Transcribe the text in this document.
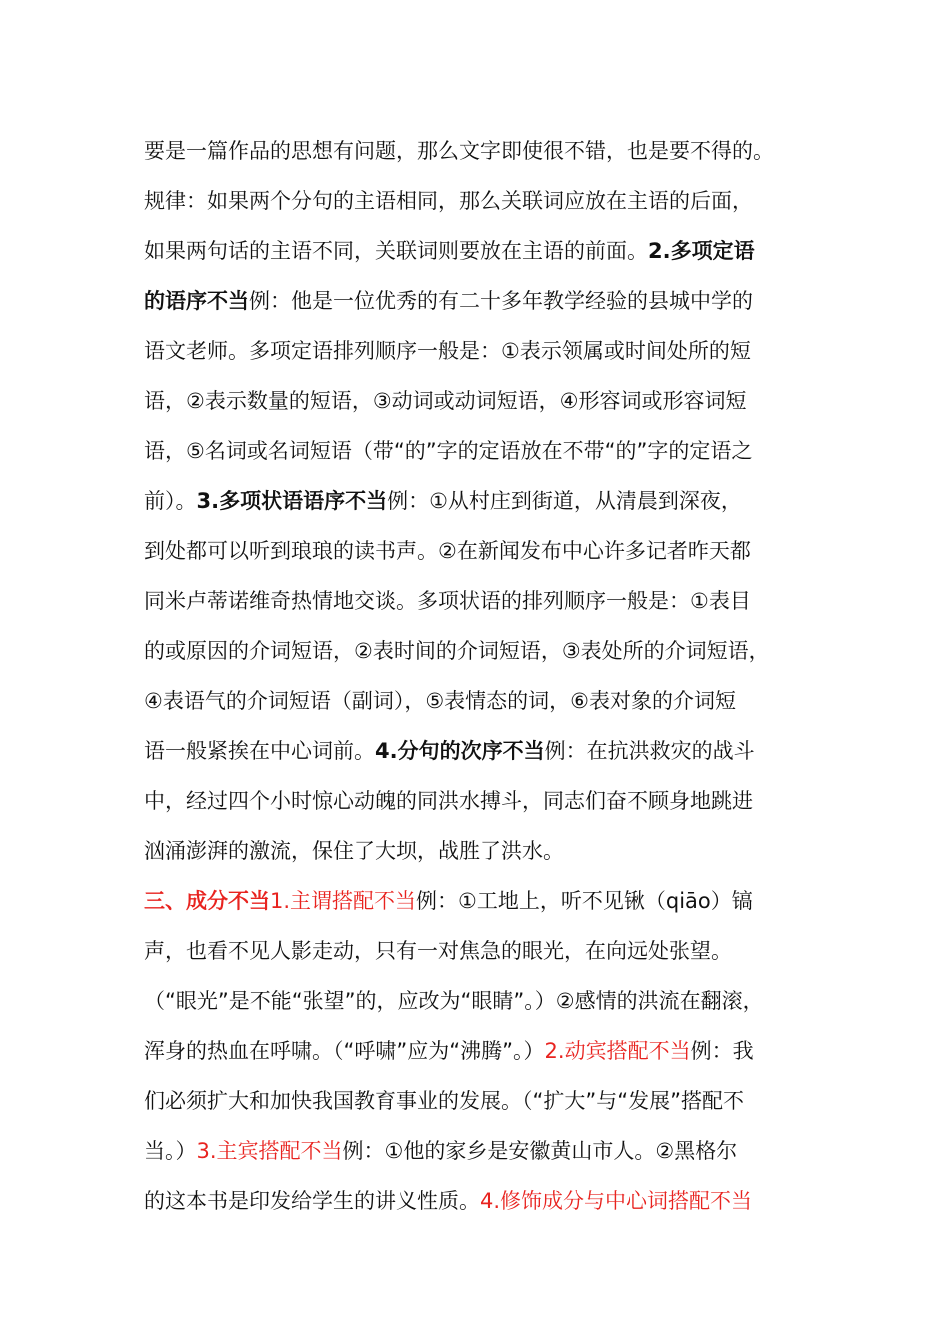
要是一篇作品的思想有问题，那么文字即使很不错，也是要不得的。
规律：如果两个分句的主语相同，那么关联词应放在主语的后面，
如果两句话的主语不同，关联词则要放在主语的前面。2.多项定语
的语序不当例：他是一位优秀的有二十多年教学经验的县城中学的
语文老师。多项定语排列顺序一般是：①表示领属或时间处所的短
语，②表示数量的短语，③动词或动词短语，④形容词或形容词短
语，⑤名词或名词短语（带“的”字的定语放在不带“的”字的定语之
前）。3.多项状语语序不当例：①从村庄到街道，从清晨到深夜，
到处都可以听到琅琅的读书声。②在新闻发布中心许多记者昨天都
同米卢蒂诺维奇热情地交谈。多项状语的排列顺序一般是：①表目
的或原因的介词短语，②表时间的介词短语，③表处所的介词短语，
④表语气的介词短语（副词），⑤表情态的词，⑥表对象的介词短
语一般紧挨在中心词前。4.分句的次序不当例：在抗洪救灾的战斗
中，经过四个小时惊心动魄的同洪水搏斗，同志们奋不顾身地跳进
汹涌澎湃的激流，保住了大坝，战胜了洪水。
三、成分不当1.主谓搭配不当例：①工地上，听不见锹（qiāo）镐
声，也看不见人影走动，只有一对焦急的眼光，在向远处张望。
（“眼光”是不能“张望”的，应改为“眼睛”。）②感情的洪流在翻滚，
浑身的热血在呼啸。（“呼啸”应为“沸腾”。）2.动宾搭配不当例：我
们必须扩大和加快我国教育事业的发展。（“扩大”与“发展”搭配不
当。）3.主宾搭配不当例：①他的家乡是安徽黄山市人。②黑格尔
的这本书是印发给学生的讲义性质。4.修饰成分与中心词搭配不当
